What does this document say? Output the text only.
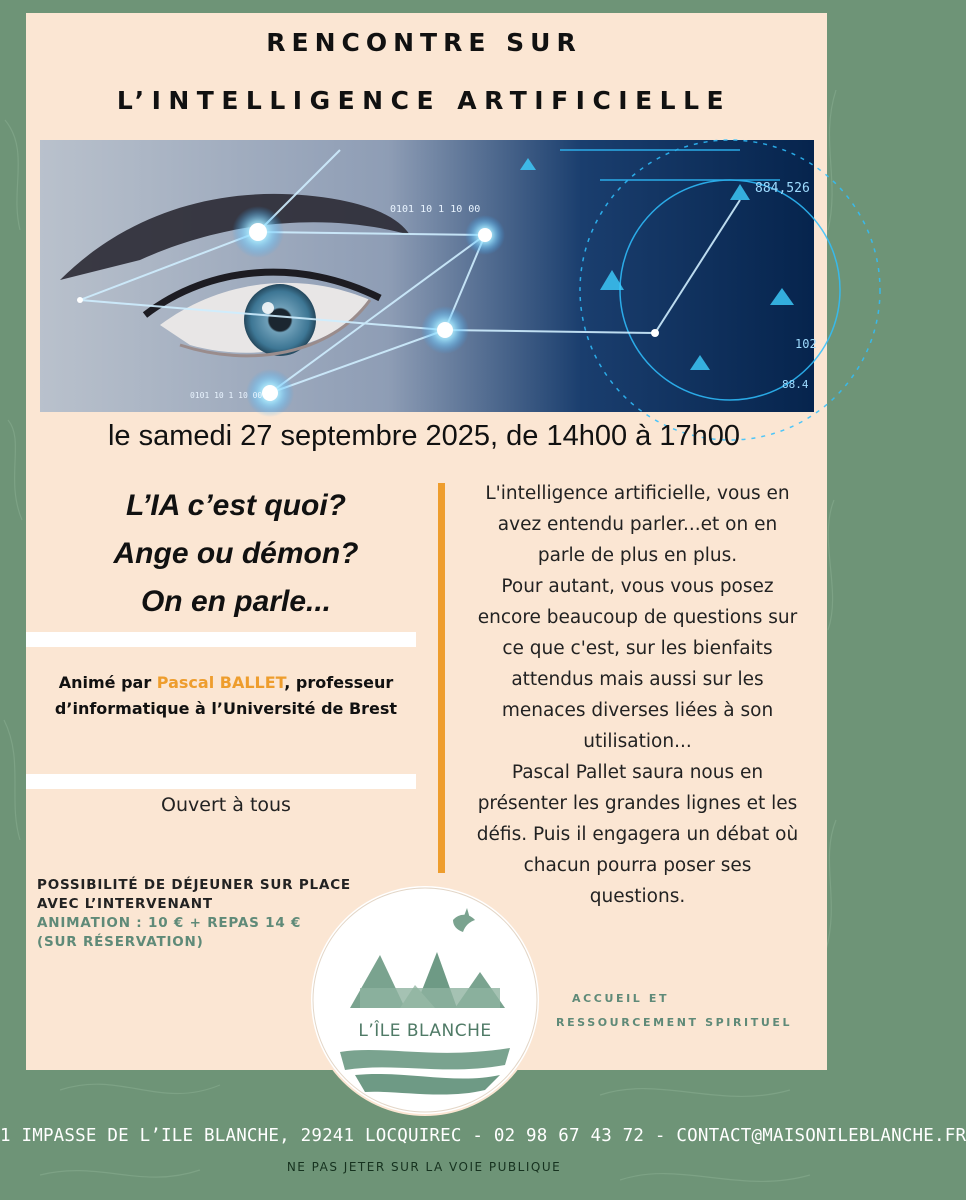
RENCONTRE SUR
L’INTELLIGENCE ARTIFICIELLE
0101 10 1 10 00
884,526
0101 10 1 10 00
102
88.4
le samedi 27 septembre 2025, de 14h00 à 17h00
L’IA c’est quoi?
Ange ou démon?
On en parle...
Animé par Pascal BALLET, professeur
d’informatique à l’Université de Brest
Ouvert à tous
POSSIBILITÉ DE DÉJEUNER SUR PLACE
AVEC L’INTERVENANT
ANIMATION : 10 € + REPAS 14 €
(SUR RÉSERVATION)
L'intelligence artificielle, vous en
avez entendu parler...et on en
parle de plus en plus.
Pour autant, vous vous posez
encore beaucoup de questions sur
ce que c'est, sur les bienfaits
attendus mais aussi sur les
menaces diverses liées à son
utilisation...
Pascal Pallet saura nous en
présenter les grandes lignes et les
défis. Puis il engagera un débat où
chacun pourra poser ses
questions.
L’ÎLE BLANCHE
ACCUEIL ET
RESSOURCEMENT SPIRITUEL
1 IMPASSE DE L’ILE BLANCHE, 29241 LOCQUIREC - 02 98 67 43 72 - CONTACT@MAISONILEBLANCHE.FR
NE PAS JETER SUR LA VOIE PUBLIQUE
